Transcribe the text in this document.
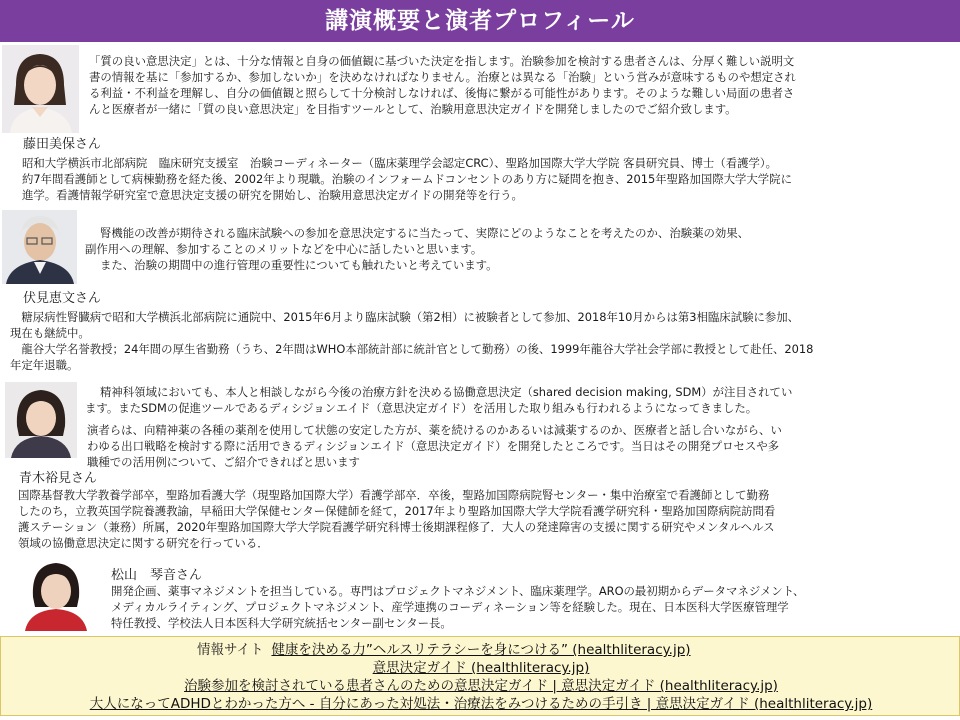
講演概要と演者プロフィール
「質の良い意思決定」とは、十分な情報と自身の価値観に基づいた決定を指します。治験参加を検討する患者さんは、分厚く難しい説明文
書の情報を基に「参加するか、参加しないか」を決めなければなりません。治療とは異なる「治験」という営みが意味するものや想定され
る利益・不利益を理解し、自分の価値観と照らして十分検討しなければ、後悔に繋がる可能性があります。そのような難しい局面の患者さ
んと医療者が一緒に「質の良い意思決定」を目指すツールとして、治験用意思決定ガイドを開発しましたのでご紹介致します。
藤田美保さん
昭和大学横浜市北部病院　臨床研究支援室　治験コーディネーター（臨床薬理学会認定CRC）、聖路加国際大学大学院 客員研究員、博士（看護学）。
約7年間看護師として病棟勤務を経た後、2002年より現職。治験のインフォームドコンセントのあり方に疑問を抱き、2015年聖路加国際大学大学院に
進学。看護情報学研究室で意思決定支援の研究を開始し、治験用意思決定ガイドの開発等を行う。
　 腎機能の改善が期待される臨床試験への参加を意思決定するに当たって、実際にどのようなことを考えたのか、治験薬の効果、
副作用への理解、参加することのメリットなどを中心に話したいと思います。
　 また、治験の期間中の進行管理の重要性についても触れたいと考えています。
伏見恵文さん
　糖尿病性腎臓病で昭和大学横浜北部病院に通院中、2015年6月より臨床試験（第2相）に被験者として参加、2018年10月からは第3相臨床試験に参加、
現在も継続中。
　龍谷大学名誉教授；24年間の厚生省勤務（うち、2年間はWHO本部統計部に統計官として勤務）の後、1999年龍谷大学社会学部に教授として赴任、2018
年定年退職。
　 精神科領域においても、本人と相談しながら今後の治療方針を決める協働意思決定（shared decision making, SDM）が注目されてい
ます。またSDMの促進ツールであるディシジョンエイド（意思決定ガイド）を活用した取り組みも行われるようになってきました。
演者らは、向精神薬の各種の薬剤を使用して状態の安定した方が、薬を続けるのかあるいは減薬するのか、医療者と話し合いながら、い
わゆる出口戦略を検討する際に活用できるディシジョンエイド（意思決定ガイド）を開発したところです。当日はその開発プロセスや多
職種での活用例について、ご紹介できればと思います
青木裕見さん
国際基督教大学教養学部卒，聖路加看護大学（現聖路加国際大学）看護学部卒．卒後，聖路加国際病院腎センター・集中治療室で看護師として勤務
したのち，立教英国学院養護教諭，早稲田大学保健センター保健師を経て，2017年より聖路加国際大学大学院看護学研究科・聖路加国際病院訪問看
護ステーション（兼務）所属，2020年聖路加国際大学大学院看護学研究科博士後期課程修了．大人の発達障害の支援に関する研究やメンタルヘルス
領域の協働意思決定に関する研究を行っている．
松山　琴音さん
開発企画、薬事マネジメントを担当している。専門はプロジェクトマネジメント、臨床薬理学。AROの最初期からデータマネジメント、
メディカルライティング、プロジェクトマネジメント、産学連携のコーディネーション等を経験した。現在、日本医科大学医療管理学
特任教授、学校法人日本医科大学研究統括センター副センター長。
情報サイト 健康を決める力”ヘルスリテラシーを身につける” (healthliteracy.jp)
意思決定ガイド (healthliteracy.jp)
治験参加を検討されている患者さんのための意思決定ガイド | 意思決定ガイド (healthliteracy.jp)
大人になってADHDとわかった方へ - 自分にあった対処法・治療法をみつけるための手引き | 意思決定ガイド (healthliteracy.jp)
